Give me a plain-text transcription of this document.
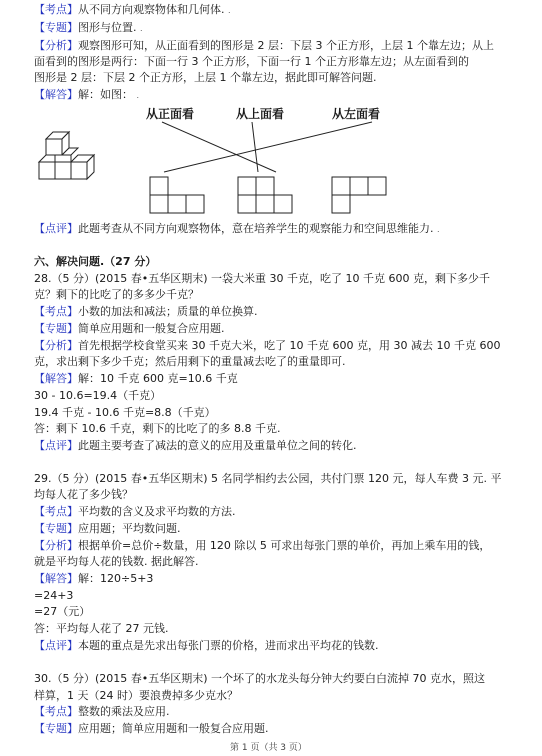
【考点】从不同方向观察物体和几何体. .
【专题】图形与位置. .
【分析】观察图形可知，从正面看到的图形是 2 层：下层 3 个正方形，上层 1 个靠左边；从上
面看到的图形是两行：下面一行 3 个正方形，下面一行 1 个正方形靠左边；从左面看到的
图形是 2 层：下层 2 个正方形，上层 1 个靠左边，据此即可解答问题.
【解答】解：如图： .
从正面看	从上面看	从左面看
【点评】此题考查从不同方向观察物体，意在培养学生的观察能力和空间思维能力. .
六、解决问题.（27 分）
28.（5 分）(2015 春•五华区期末) 一袋大米重 30 千克，吃了 10 千克 600 克，剩下多少千
克？剩下的比吃了的多多少千克？
【考点】小数的加法和减法；质量的单位换算.
【专题】简单应用题和一般复合应用题.
【分析】首先根据学校食堂买来 30 千克大米，吃了 10 千克 600 克，用 30 减去 10 千克 600
克，求出剩下多少千克；然后用剩下的重量减去吃了的重量即可.
【解答】解：10 千克 600 克=10.6 千克
30 - 10.6=19.4（千克）
19.4 千克 - 10.6 千克=8.8（千克）
答：剩下 10.6 千克，剩下的比吃了的多 8.8 千克.
【点评】此题主要考查了减法的意义的应用及重量单位之间的转化.
29.（5 分）(2015 春•五华区期末) 5 名同学相约去公园，共付门票 120 元，每人车费 3 元. 平
均每人花了多少钱？
【考点】平均数的含义及求平均数的方法.
【专题】应用题；平均数问题.
【分析】根据单价=总价÷数量，用 120 除以 5 可求出每张门票的单价，再加上乘车用的钱，
就是平均每人花的钱数. 据此解答.
【解答】解：120÷5+3
=24+3
=27（元）
答：平均每人花了 27 元钱.
【点评】本题的重点是先求出每张门票的价格，进而求出平均花的钱数.
30.（5 分）(2015 春•五华区期末) 一个坏了的水龙头每分钟大约要白白流掉 70 克水，照这
样算，1 天（24 时）要浪费掉多少克水？
【考点】整数的乘法及应用.
【专题】应用题；简单应用题和一般复合应用题.
第 1 页（共 3 页）
